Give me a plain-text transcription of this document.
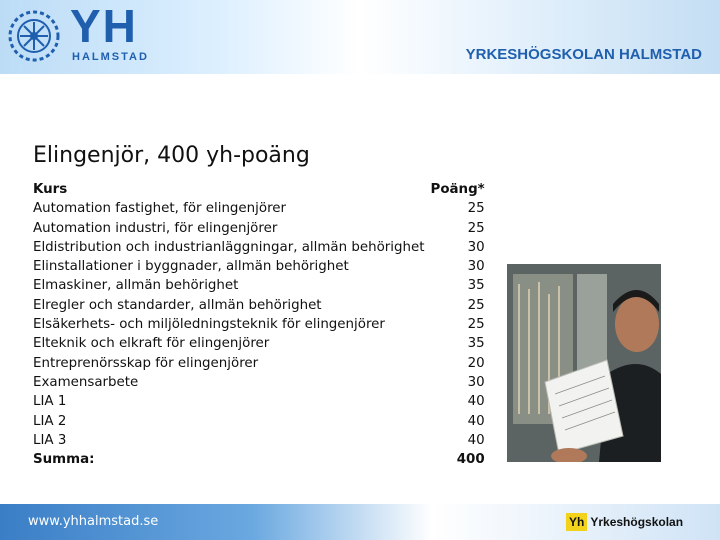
YH
HALMSTAD	YRKESHÖGSKOLAN HALMSTAD
Elingenjör, 400 yh-poäng
Kurs	Poäng*
Automation fastighet, för elingenjörer	25
Automation industri, för elingenjörer	25
Eldistribution och industrianläggningar, allmän behörighet	30
Elinstallationer i byggnader, allmän behörighet	30
Elmaskiner, allmän behörighet	35
Elregler och standarder, allmän behörighet	25
Elsäkerhets- och miljöledningsteknik för elingenjörer	25
Elteknik och elkraft för elingenjörer	35
Entreprenörsskap för elingenjörer	20
Examensarbete	30
LIA 1	40
LIA 2	40
LIA 3	40
Summa:	400
www.yhhalmstad.se	Yh Yrkeshögskolan
